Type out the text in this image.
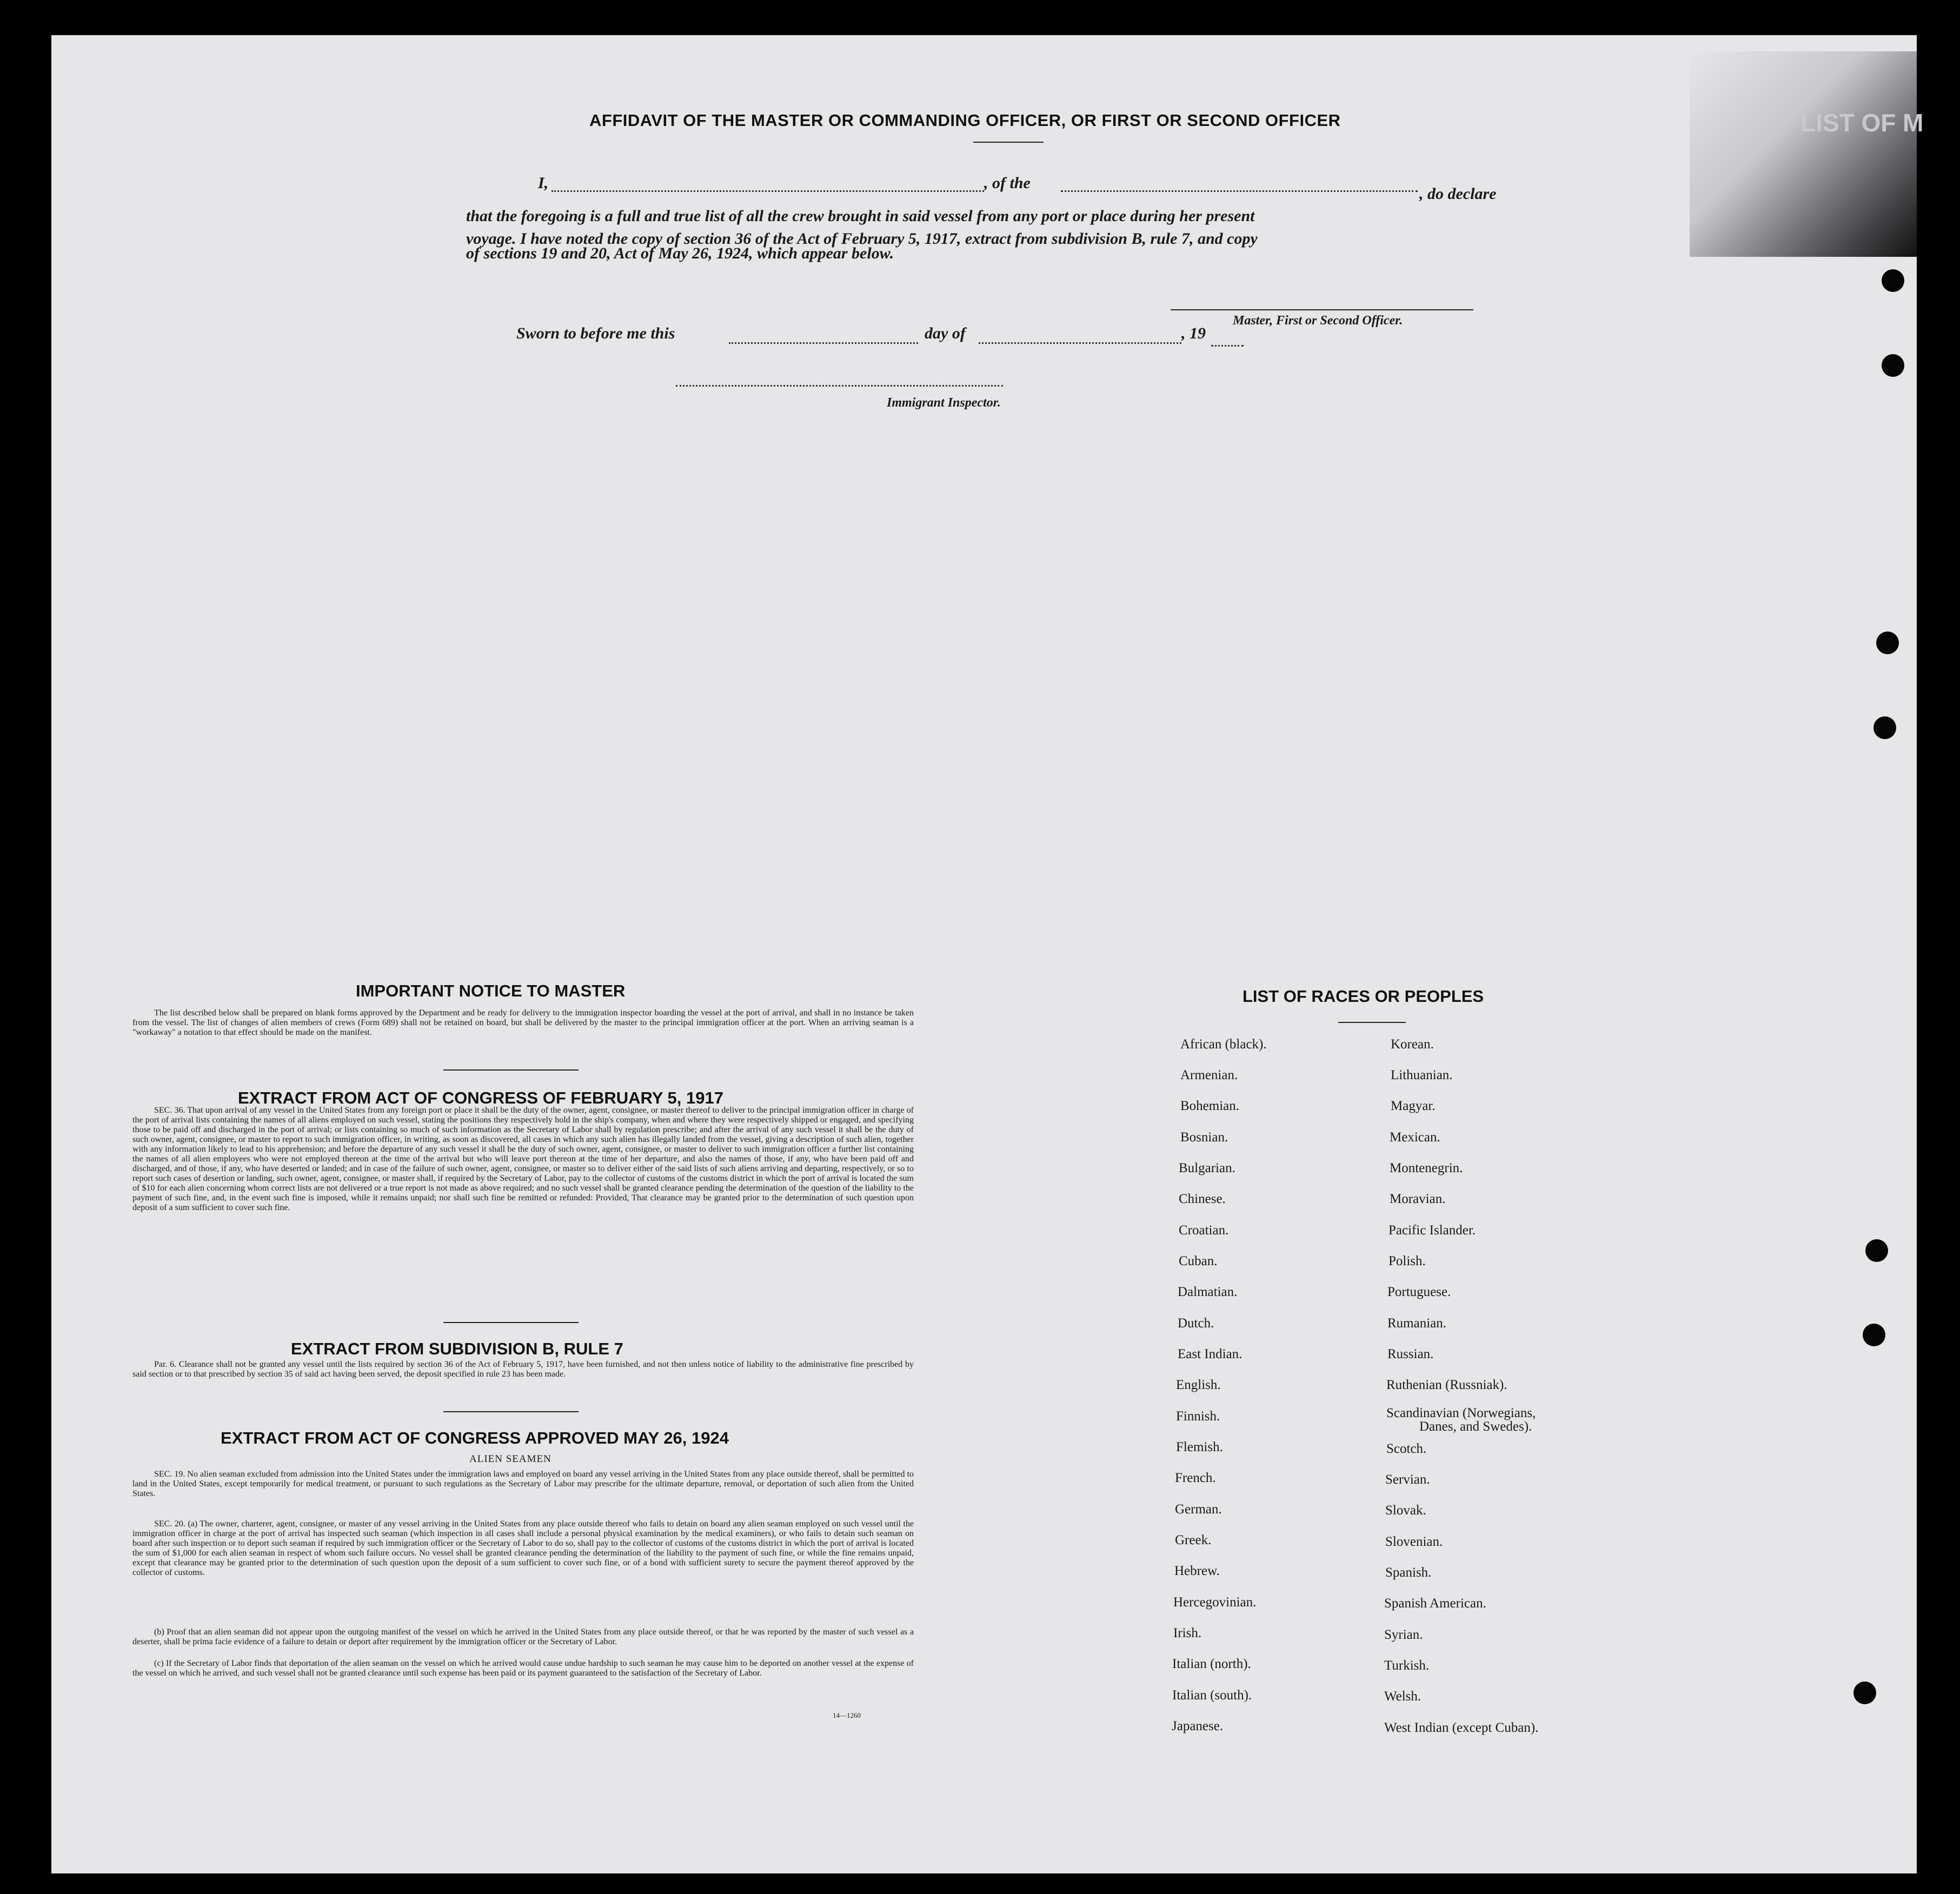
LIST OF M
AFFIDAVIT OF THE MASTER OR COMMANDING OFFICER, OR FIRST OR SECOND OFFICER
I,	, of the
, do declare
that the foregoing is a full and true list of all the crew brought in said vessel from any port or place during her present
voyage. I have noted the copy of section 36 of the Act of February 5, 1917, extract from subdivision B, rule 7, and copy
of sections 19 and 20, Act of May 26, 1924, which appear below.
Master, First or Second Officer.
Sworn to before me this	day of	, 19
Immigrant Inspector.
IMPORTANT NOTICE TO MASTER
The list described below shall be prepared on blank forms approved by the Department and be ready for delivery to the immigration inspector boarding the vessel at the port of arrival, and shall in no instance be taken from the vessel. The list of changes of alien members of crews (Form 689) shall not be retained on board, but shall be delivered by the master to the principal immigration officer at the port. When an arriving seaman is a "workaway" a notation to that effect should be made on the manifest.
EXTRACT FROM ACT OF CONGRESS OF FEBRUARY 5, 1917
SEC. 36. That upon arrival of any vessel in the United States from any foreign port or place it shall be the duty of the owner, agent, consignee, or master thereof to deliver to the principal immigration officer in charge of the port of arrival lists containing the names of all aliens employed on such vessel, stating the positions they respectively hold in the ship's company, when and where they were respectively shipped or engaged, and specifying those to be paid off and discharged in the port of arrival; or lists containing so much of such information as the Secretary of Labor shall by regulation prescribe; and after the arrival of any such vessel it shall be the duty of such owner, agent, consignee, or master to report to such immigration officer, in writing, as soon as discovered, all cases in which any such alien has illegally landed from the vessel, giving a description of such alien, together with any information likely to lead to his apprehension; and before the departure of any such vessel it shall be the duty of such owner, agent, consignee, or master to deliver to such immigration officer a further list containing the names of all alien employees who were not employed thereon at the time of the arrival but who will leave port thereon at the time of her departure, and also the names of those, if any, who have been paid off and discharged, and of those, if any, who have deserted or landed; and in case of the failure of such owner, agent, consignee, or master so to deliver either of the said lists of such aliens arriving and departing, respectively, or so to report such cases of desertion or landing, such owner, agent, consignee, or master shall, if required by the Secretary of Labor, pay to the collector of customs of the customs district in which the port of arrival is located the sum of $10 for each alien concerning whom correct lists are not delivered or a true report is not made as above required; and no such vessel shall be granted clearance pending the determination of the question of the liability to the payment of such fine, and, in the event such fine is imposed, while it remains unpaid; nor shall such fine be remitted or refunded: Provided, That clearance may be granted prior to the determination of such question upon deposit of a sum sufficient to cover such fine.
EXTRACT FROM SUBDIVISION B, RULE 7
Par. 6. Clearance shall not be granted any vessel until the lists required by section 36 of the Act of February 5, 1917, have been furnished, and not then unless notice of liability to the administrative fine prescribed by said section or to that prescribed by section 35 of said act having been served, the deposit specified in rule 23 has been made.
EXTRACT FROM ACT OF CONGRESS APPROVED MAY 26, 1924
ALIEN SEAMEN
SEC. 19. No alien seaman excluded from admission into the United States under the immigration laws and employed on board any vessel arriving in the United States from any place outside thereof, shall be permitted to land in the United States, except temporarily for medical treatment, or pursuant to such regulations as the Secretary of Labor may prescribe for the ultimate departure, removal, or deportation of such alien from the United States.
SEC. 20. (a) The owner, charterer, agent, consignee, or master of any vessel arriving in the United States from any place outside thereof who fails to detain on board any alien seaman employed on such vessel until the immigration officer in charge at the port of arrival has inspected such seaman (which inspection in all cases shall include a personal physical examination by the medical examiners), or who fails to detain such seaman on board after such inspection or to deport such seaman if required by such immigration officer or the Secretary of Labor to do so, shall pay to the collector of customs of the customs district in which the port of arrival is located the sum of $1,000 for each alien seaman in respect of whom such failure occurs. No vessel shall be granted clearance pending the determination of the liability to the payment of such fine, or while the fine remains unpaid, except that clearance may be granted prior to the determination of such question upon the deposit of a sum sufficient to cover such fine, or of a bond with sufficient surety to secure the payment thereof approved by the collector of customs.
(b) Proof that an alien seaman did not appear upon the outgoing manifest of the vessel on which he arrived in the United States from any place outside thereof, or that he was reported by the master of such vessel as a deserter, shall be prima facie evidence of a failure to detain or deport after requirement by the immigration officer or the Secretary of Labor.
(c) If the Secretary of Labor finds that deportation of the alien seaman on the vessel on which he arrived would cause undue hardship to such seaman he may cause him to be deported on another vessel at the expense of the vessel on which he arrived, and such vessel shall not be granted clearance until such expense has been paid or its payment guaranteed to the satisfaction of the Secretary of Labor.
14—1260
LIST OF RACES OR PEOPLES
African (black).
Armenian.
Bohemian.
Bosnian.
Bulgarian.
Chinese.
Croatian.
Cuban.
Dalmatian.
Dutch.
East Indian.
English.
Finnish.
Flemish.
French.
German.
Greek.
Hebrew.
Hercegovinian.
Irish.
Italian (north).
Italian (south).
Japanese.
Korean.
Lithuanian.
Magyar.
Mexican.
Montenegrin.
Moravian.
Pacific Islander.
Polish.
Portuguese.
Rumanian.
Russian.
Ruthenian (Russniak).
Scandinavian (Norwegians,
Danes, and Swedes).
Scotch.
Servian.
Slovak.
Slovenian.
Spanish.
Spanish American.
Syrian.
Turkish.
Welsh.
West Indian (except Cuban).
